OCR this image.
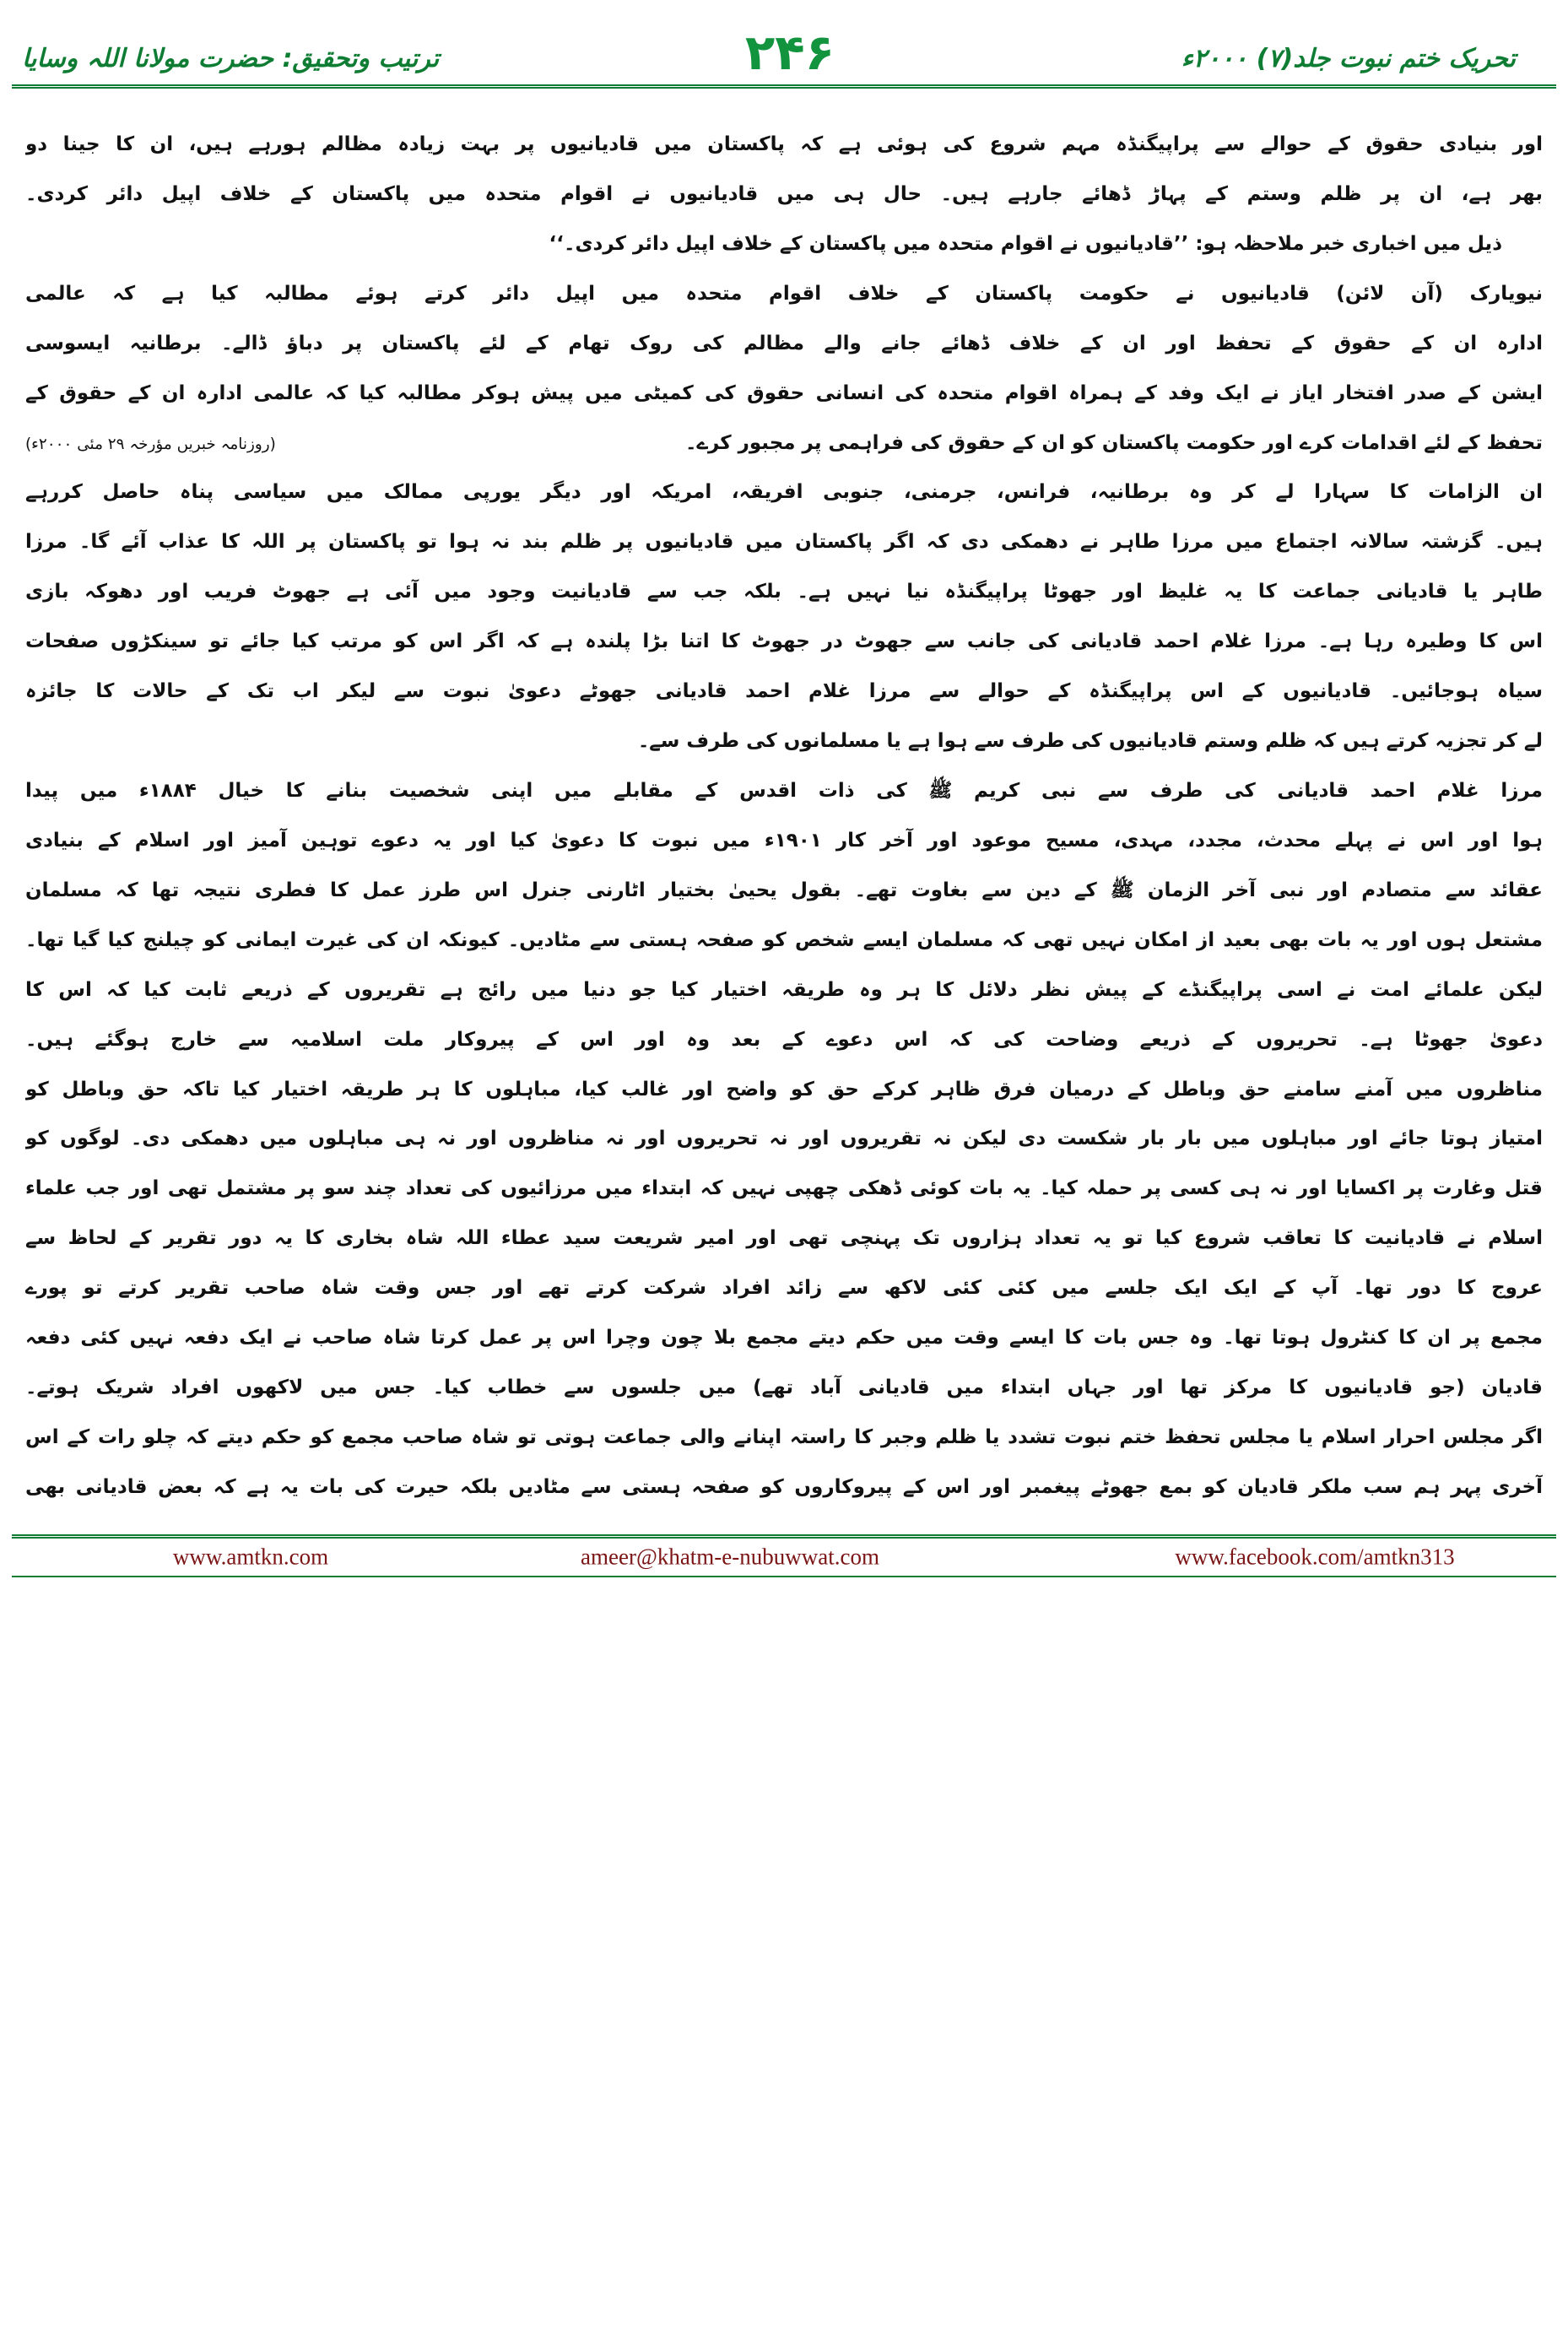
تحریک ختم نبوت جلد(۷) ۲۰۰۰ء
۲۴۶
ترتیب وتحقیق: حضرت مولانا اللہ وسایا
اور بنیادی حقوق کے حوالے سے پراپیگنڈہ مہم شروع کی ہوئی ہے کہ پاکستان میں قادیانیوں پر بہت زیادہ مظالم ہورہے ہیں، ان کا جینا دو
بھر ہے، ان پر ظلم وستم کے پہاڑ ڈھائے جارہے ہیں۔ حال ہی میں قادیانیوں نے اقوام متحدہ میں پاکستان کے خلاف اپیل دائر کردی۔
ذیل میں اخباری خبر ملاحظہ ہو: ’’قادیانیوں نے اقوام متحدہ میں پاکستان کے خلاف اپیل دائر کردی۔‘‘
نیویارک (آن لائن) قادیانیوں نے حکومت پاکستان کے خلاف اقوام متحدہ میں اپیل دائر کرتے ہوئے مطالبہ کیا ہے کہ عالمی
ادارہ ان کے حقوق کے تحفظ اور ان کے خلاف ڈھائے جانے والے مظالم کی روک تھام کے لئے پاکستان پر دباؤ ڈالے۔ برطانیہ ایسوسی
ایشن کے صدر افتخار ایاز نے ایک وفد کے ہمراہ اقوام متحدہ کی انسانی حقوق کی کمیٹی میں پیش ہوکر مطالبہ کیا کہ عالمی ادارہ ان کے حقوق کے
تحفظ کے لئے اقدامات کرے اور حکومت پاکستان کو ان کے حقوق کی فراہمی پر مجبور کرے۔
(روزنامہ خبریں مؤرخہ ۲۹ مئی ۲۰۰۰ء)
ان الزامات کا سہارا لے کر وہ برطانیہ، فرانس، جرمنی، جنوبی افریقہ، امریکہ اور دیگر یورپی ممالک میں سیاسی پناہ حاصل کررہے
ہیں۔ گزشتہ سالانہ اجتماع میں مرزا طاہر نے دھمکی دی کہ اگر پاکستان میں قادیانیوں پر ظلم بند نہ ہوا تو پاکستان پر اللہ کا عذاب آئے گا۔ مرزا
طاہر یا قادیانی جماعت کا یہ غلیظ اور جھوٹا پراپیگنڈہ نیا نہیں ہے۔ بلکہ جب سے قادیانیت وجود میں آئی ہے جھوٹ فریب اور دھوکہ بازی
اس کا وطیرہ رہا ہے۔ مرزا غلام احمد قادیانی کی جانب سے جھوٹ در جھوٹ کا اتنا بڑا پلندہ ہے کہ اگر اس کو مرتب کیا جائے تو سینکڑوں صفحات
سیاہ ہوجائیں۔ قادیانیوں کے اس پراپیگنڈہ کے حوالے سے مرزا غلام احمد قادیانی جھوٹے دعویٰ نبوت سے لیکر اب تک کے حالات کا جائزہ
لے کر تجزیہ کرتے ہیں کہ ظلم وستم قادیانیوں کی طرف سے ہوا ہے یا مسلمانوں کی طرف سے۔
مرزا غلام احمد قادیانی کی طرف سے نبی کریم ﷺ کی ذات اقدس کے مقابلے میں اپنی شخصیت بنانے کا خیال ۱۸۸۴ء میں پیدا
ہوا اور اس نے پہلے محدث، مجدد، مہدی، مسیح موعود اور آخر کار ۱۹۰۱ء میں نبوت کا دعویٰ کیا اور یہ دعوے توہین آمیز اور اسلام کے بنیادی
عقائد سے متصادم اور نبی آخر الزمان ﷺ کے دین سے بغاوت تھے۔ بقول یحییٰ بختیار اٹارنی جنرل اس طرز عمل کا فطری نتیجہ تھا کہ مسلمان
مشتعل ہوں اور یہ بات بھی بعید از امکان نہیں تھی کہ مسلمان ایسے شخص کو صفحہ ہستی سے مٹادیں۔ کیونکہ ان کی غیرت ایمانی کو چیلنج کیا گیا تھا۔
لیکن علمائے امت نے اسی پراپیگنڈے کے پیش نظر دلائل کا ہر وہ طریقہ اختیار کیا جو دنیا میں رائج ہے تقریروں کے ذریعے ثابت کیا کہ اس کا
دعویٰ جھوٹا ہے۔ تحریروں کے ذریعے وضاحت کی کہ اس دعوے کے بعد وہ اور اس کے پیروکار ملت اسلامیہ سے خارج ہوگئے ہیں۔
مناظروں میں آمنے سامنے حق وباطل کے درمیان فرق ظاہر کرکے حق کو واضح اور غالب کیا، مباہلوں کا ہر طریقہ اختیار کیا تاکہ حق وباطل کو
امتیاز ہوتا جائے اور مباہلوں میں بار بار شکست دی لیکن نہ تقریروں اور نہ تحریروں اور نہ مناظروں اور نہ ہی مباہلوں میں دھمکی دی۔ لوگوں کو
قتل وغارت پر اکسایا اور نہ ہی کسی پر حملہ کیا۔ یہ بات کوئی ڈھکی چھپی نہیں کہ ابتداء میں مرزائیوں کی تعداد چند سو پر مشتمل تھی اور جب علماء
اسلام نے قادیانیت کا تعاقب شروع کیا تو یہ تعداد ہزاروں تک پہنچی تھی اور امیر شریعت سید عطاء اللہ شاہ بخاری کا یہ دور تقریر کے لحاظ سے
عروج کا دور تھا۔ آپ کے ایک ایک جلسے میں کئی کئی لاکھ سے زائد افراد شرکت کرتے تھے اور جس وقت شاہ صاحب تقریر کرتے تو پورے
مجمع پر ان کا کنٹرول ہوتا تھا۔ وہ جس بات کا ایسے وقت میں حکم دیتے مجمع بلا چون وچرا اس پر عمل کرتا شاہ صاحب نے ایک دفعہ نہیں کئی دفعہ
قادیان (جو قادیانیوں کا مرکز تھا اور جہاں ابتداء میں قادیانی آباد تھے) میں جلسوں سے خطاب کیا۔ جس میں لاکھوں افراد شریک ہوتے۔
اگر مجلس احرار اسلام یا مجلس تحفظ ختم نبوت تشدد یا ظلم وجبر کا راستہ اپنانے والی جماعت ہوتی تو شاہ صاحب مجمع کو حکم دیتے کہ چلو رات کے اس
آخری پہر ہم سب ملکر قادیان کو بمع جھوٹے پیغمبر اور اس کے پیروکاروں کو صفحہ ہستی سے مٹادیں بلکہ حیرت کی بات یہ ہے کہ بعض قادیانی بھی
www.amtkn.com	ameer@khatm-e-nubuwwat.com	www.facebook.com/amtkn313
